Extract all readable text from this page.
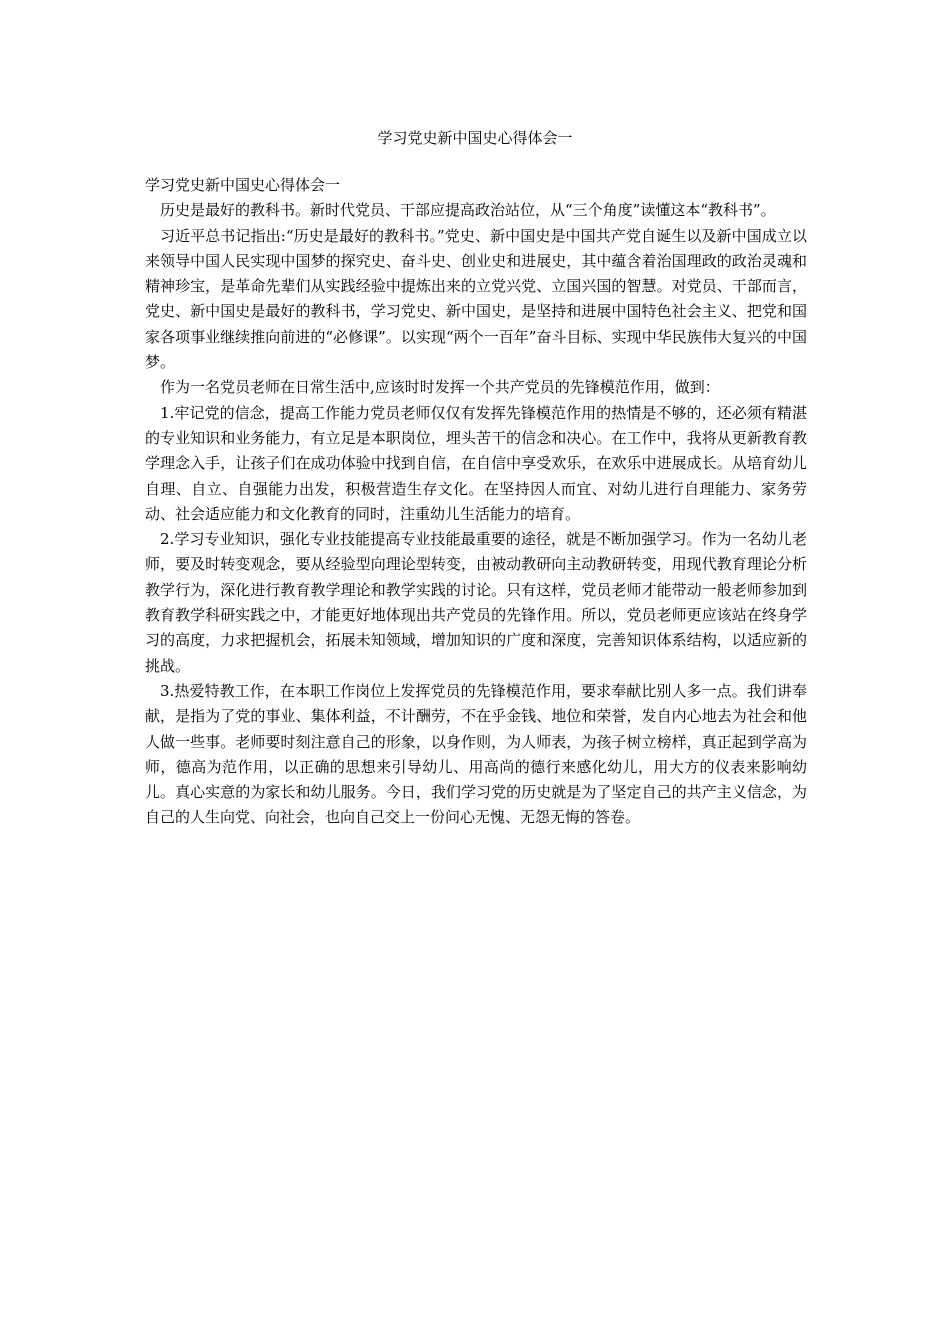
学习党史新中国史心得体会一

学习党史新中国史心得体会一

历史是最好的教科书。新时代党员、干部应提高政治站位，从“三个角度”读懂这本“教科书”。

习近平总书记指出:“历史是最好的教科书。”党史、新中国史是中国共产党自诞生以及新中国成立以来领导中国人民实现中国梦的探究史、奋斗史、创业史和进展史，其中蕴含着治国理政的政治灵魂和精神珍宝，是革命先辈们从实践经验中提炼出来的立党兴党、立国兴国的智慧。对党员、干部而言，党史、新中国史是最好的教科书，学习党史、新中国史，是坚持和进展中国特色社会主义、把党和国家各项事业继续推向前进的“必修课”。以实现“两个一百年”奋斗目标、实现中华民族伟大复兴的中国梦。

作为一名党员老师在日常生活中,应该时时发挥一个共产党员的先锋模范作用，做到：

1.牢记党的信念，提高工作能力党员老师仅仅有发挥先锋模范作用的热情是不够的，还必须有精湛的专业知识和业务能力，有立足是本职岗位，埋头苦干的信念和决心。在工作中，我将从更新教育教学理念入手，让孩子们在成功体验中找到自信，在自信中享受欢乐，在欢乐中进展成长。从培育幼儿自理、自立、自强能力出发，积极营造生存文化。在坚持因人而宜、对幼儿进行自理能力、家务劳动、社会适应能力和文化教育的同时，注重幼儿生活能力的培育。

2.学习专业知识，强化专业技能提高专业技能最重要的途径，就是不断加强学习。作为一名幼儿老师，要及时转变观念，要从经验型向理论型转变，由被动教研向主动教研转变，用现代教育理论分析教学行为，深化进行教育教学理论和教学实践的讨论。只有这样，党员老师才能带动一般老师参加到教育教学科研实践之中，才能更好地体现出共产党员的先锋作用。所以，党员老师更应该站在终身学习的高度，力求把握机会，拓展未知领域，增加知识的广度和深度，完善知识体系结构，以适应新的挑战。

3.热爱特教工作，在本职工作岗位上发挥党员的先锋模范作用，要求奉献比别人多一点。我们讲奉献，是指为了党的事业、集体利益，不计酬劳，不在乎金钱、地位和荣誉，发自内心地去为社会和他人做一些事。老师要时刻注意自己的形象，以身作则，为人师表，为孩子树立榜样，真正起到学高为师，德高为范作用，以正确的思想来引导幼儿、用高尚的德行来感化幼儿，用大方的仪表来影响幼儿。真心实意的为家长和幼儿服务。今日，我们学习党的历史就是为了坚定自己的共产主义信念，为自己的人生向党、向社会，也向自己交上一份问心无愧、无怨无悔的答卷。
